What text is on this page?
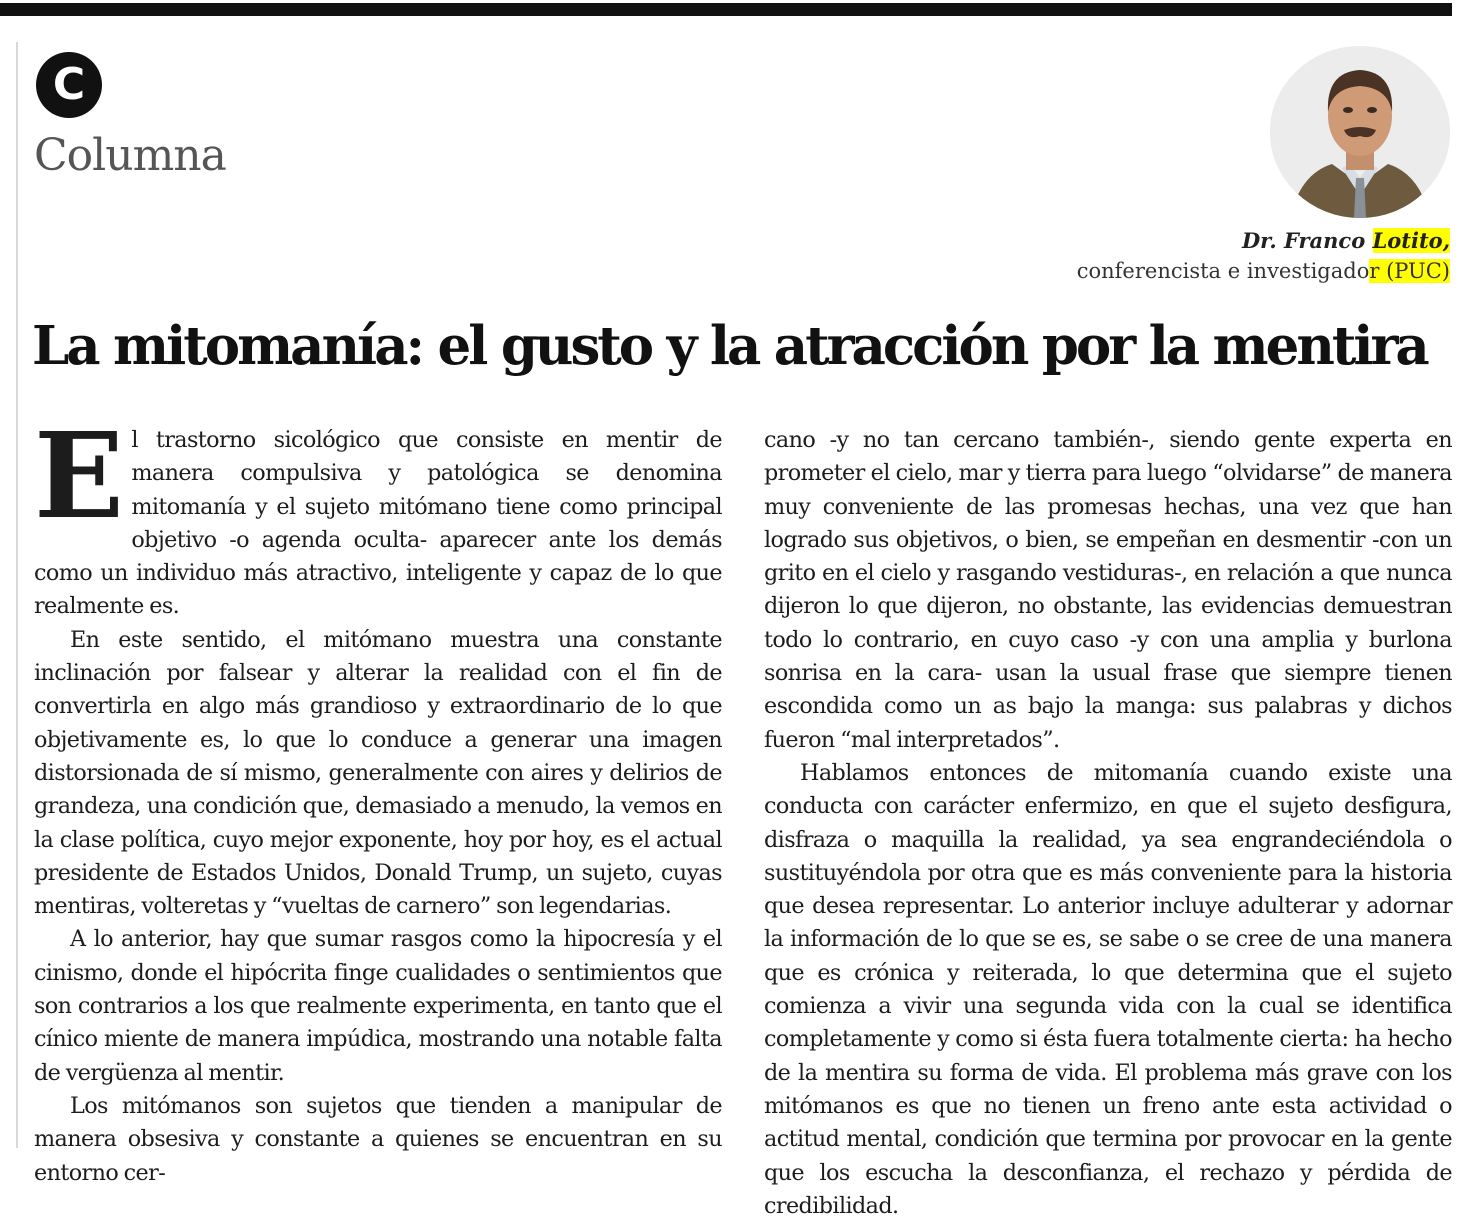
C
Columna
Dr. Franco Lotito,
conferencista e investigador (PUC)
La mitomanía: el gusto y la atracción por la mentira

El trastorno sicológico que consiste en mentir de manera compulsiva y patológica se denomina mitomanía y el sujeto mitómano tiene como principal objetivo -o agenda oculta- aparecer ante los demás como un individuo más atractivo, inteligente y capaz de lo que realmente es.

En este sentido, el mitómano muestra una constante inclinación por falsear y alterar la realidad con el fin de convertirla en algo más grandioso y extraordinario de lo que objetivamente es, lo que lo conduce a generar una imagen distorsionada de sí mismo, generalmente con aires y delirios de grandeza, una condición que, demasiado a menudo, la vemos en la clase política, cuyo mejor exponente, hoy por hoy, es el actual presidente de Estados Unidos, Donald Trump, un sujeto, cuyas mentiras, volteretas y “vueltas de carnero” son legendarias.

A lo anterior, hay que sumar rasgos como la hipocresía y el cinismo, donde el hipócrita finge cualidades o sentimientos que son contrarios a los que realmente experimenta, en tanto que el cínico miente de manera impúdica, mostrando una notable falta de vergüenza al mentir.

Los mitómanos son sujetos que tienden a manipular de manera obsesiva y constante a quienes se encuentran en su entorno cer-

cano -y no tan cercano también-, siendo gente experta en prometer el cielo, mar y tierra para luego “olvidarse” de manera muy conveniente de las promesas hechas, una vez que han logrado sus objetivos, o bien, se empeñan en desmentir -con un grito en el cielo y rasgando vestiduras-, en relación a que nunca dijeron lo que dijeron, no obstante, las evidencias demuestran todo lo contrario, en cuyo caso -y con una amplia y burlona sonrisa en la cara- usan la usual frase que siempre tienen escondida como un as bajo la manga: sus palabras y dichos fueron “mal interpretados”.

Hablamos entonces de mitomanía cuando existe una conducta con carácter enfermizo, en que el sujeto desfigura, disfraza o maquilla la realidad, ya sea engrandeciéndola o sustituyéndola por otra que es más conveniente para la historia que desea representar. Lo anterior incluye adulterar y adornar la información de lo que se es, se sabe o se cree de una manera que es crónica y reiterada, lo que determina que el sujeto comienza a vivir una segunda vida con la cual se identifica completamente y como si ésta fuera totalmente cierta: ha hecho de la mentira su forma de vida. El problema más grave con los mitómanos es que no tienen un freno ante esta actividad o actitud mental, condición que termina por provocar en la gente que los escucha la desconfianza, el rechazo y pérdida de credibilidad.
